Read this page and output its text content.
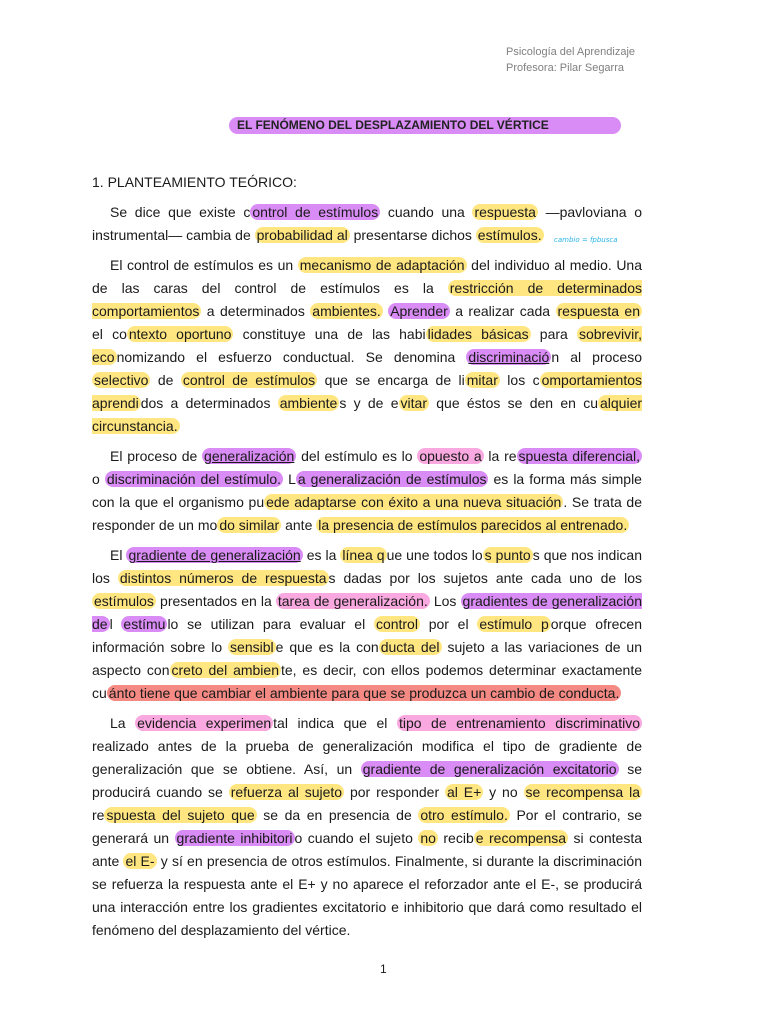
Psicología del Aprendizaje
Profesora: Pilar Segarra
EL FENÓMENO DEL DESPLAZAMIENTO DEL VÉRTICE
1. PLANTEAMIENTO TEÓRICO:

Se dice que existe c ontrol de estímulos cuando una respuesta —pavloviana o instrumental— cambia de probabilidad al presentarse dichos estímulos.

El control de estímulos es un mecanismo de adaptación del individuo al medio. Una de las caras del control de estímulos es la restricción de determinados comportamientos a determinados ambientes. Aprender a realizar cada respuesta en el co ntexto oportuno constituye una de las habi lidades básicas para sobrevivir, eco nomizando el esfuerzo conductual. Se denomina discriminació n al proceso selectivo de control de estímulos que se encarga de li mitar los c omportamientos aprendi dos a determinados ambiente s y de e vitar que éstos se den en cu alquier circunstancia.

El proceso de generalización del estímulo es lo opuesto a la re spuesta diferencial, o discriminación del estímulo. L a generalización de estímulos es la forma más simple con la que el organismo pu ede adaptarse con éxito a una nueva situación . Se trata de responder de un mo do similar ante la presencia de estímulos parecidos al entrenado.

El gradiente de generalización es la línea q ue une todos lo s punto s que nos indican los distintos números de respuesta s dadas por los sujetos ante cada uno de los estímulos presentados en la tarea de generalización. Los gradientes de generalización de l estímu lo se utilizan para evaluar el control por el estímulo p orque ofrecen información sobre lo sensibl e que es la con ducta del sujeto a las variaciones de un aspecto con creto del ambien te, es decir, con ellos podemos determinar exactamente cu ánto tiene que cambiar el ambiente para que se produzca un cambio de conducta.

La evidencia experimen tal indica que el tipo de entrenamiento discriminativo realizado antes de la prueba de generalización modifica el tipo de gradiente de generalización que se obtiene. Así, un gradiente de generalización excitatorio se producirá cuando se refuerza al sujeto por responder al E+ y no se recompensa la re spuesta del sujeto que se da en presencia de otro estímulo. Por el contrario, se generará un gradiente inhibitori o cuando el sujeto no recib e recompensa si contesta ante el E- y sí en presencia de otros estímulos. Finalmente, si durante la discriminación se refuerza la respuesta ante el E+ y no aparece el reforzador ante el E-, se producirá una interacción entre los gradientes excitatorio e inhibitorio que dará como resultado el fenómeno del desplazamiento del vértice.

cambio = fpbusca
1
